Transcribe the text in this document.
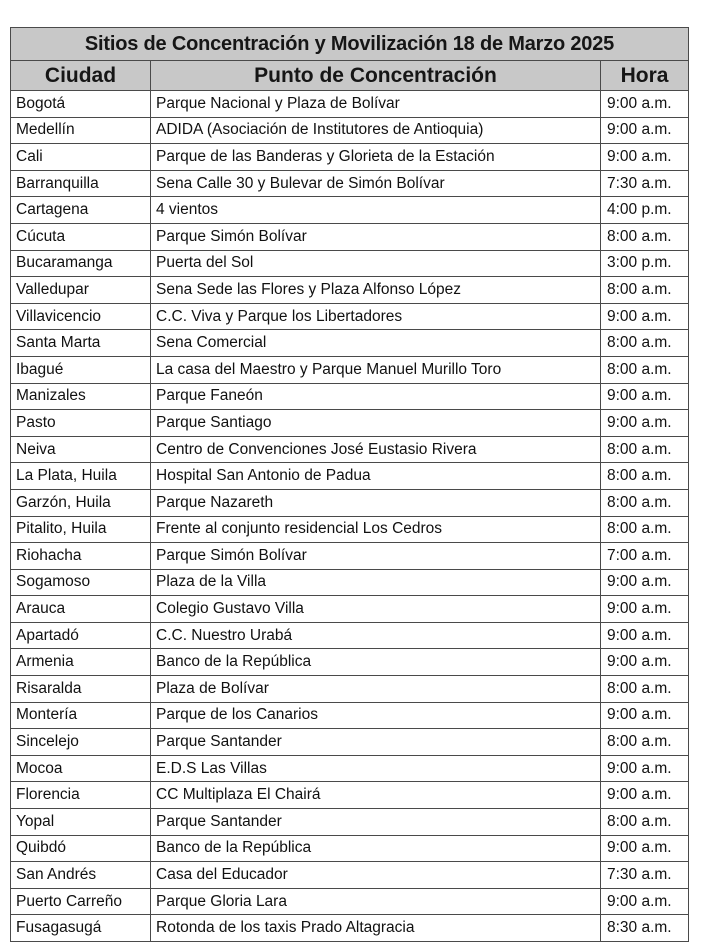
Sitios de Concentración y Movilización 18 de Marzo 2025		
Ciudad	Punto de Concentración	Hora
Bogotá	Parque Nacional y Plaza de Bolívar	9:00 a.m.
Medellín	ADIDA (Asociación de Institutores de Antioquia)	9:00 a.m.
Cali	Parque de las Banderas y Glorieta de la Estación	9:00 a.m.
Barranquilla	Sena Calle 30 y Bulevar de Simón Bolívar	7:30 a.m.
Cartagena	4 vientos	4:00 p.m.
Cúcuta	Parque Simón Bolívar	8:00 a.m.
Bucaramanga	Puerta del Sol	3:00 p.m.
Valledupar	Sena Sede las Flores y Plaza Alfonso López	8:00 a.m.
Villavicencio	C.C. Viva y Parque los Libertadores	9:00 a.m.
Santa Marta	Sena Comercial	8:00 a.m.
Ibagué	La casa del Maestro y Parque Manuel Murillo Toro	8:00 a.m.
Manizales	Parque Faneón	9:00 a.m.
Pasto	Parque Santiago	9:00 a.m.
Neiva	Centro de Convenciones José Eustasio Rivera	8:00 a.m.
La Plata, Huila	Hospital San Antonio de Padua	8:00 a.m.
Garzón, Huila	Parque Nazareth	8:00 a.m.
Pitalito, Huila	Frente al conjunto residencial Los Cedros	8:00 a.m.
Riohacha	Parque Simón Bolívar	7:00 a.m.
Sogamoso	Plaza de la Villa	9:00 a.m.
Arauca	Colegio Gustavo Villa	9:00 a.m.
Apartadó	C.C. Nuestro Urabá	9:00 a.m.
Armenia	Banco de la República	9:00 a.m.
Risaralda	Plaza de Bolívar	8:00 a.m.
Montería	Parque de los Canarios	9:00 a.m.
Sincelejo	Parque Santander	8:00 a.m.
Mocoa	E.D.S Las Villas	9:00 a.m.
Florencia	CC Multiplaza El Chairá	9:00 a.m.
Yopal	Parque Santander	8:00 a.m.
Quibdó	Banco de la República	9:00 a.m.
San Andrés	Casa del Educador	7:30 a.m.
Puerto Carreño	Parque Gloria Lara	9:00 a.m.
Fusagasugá	Rotonda de los taxis Prado Altagracia	8:30 a.m.
